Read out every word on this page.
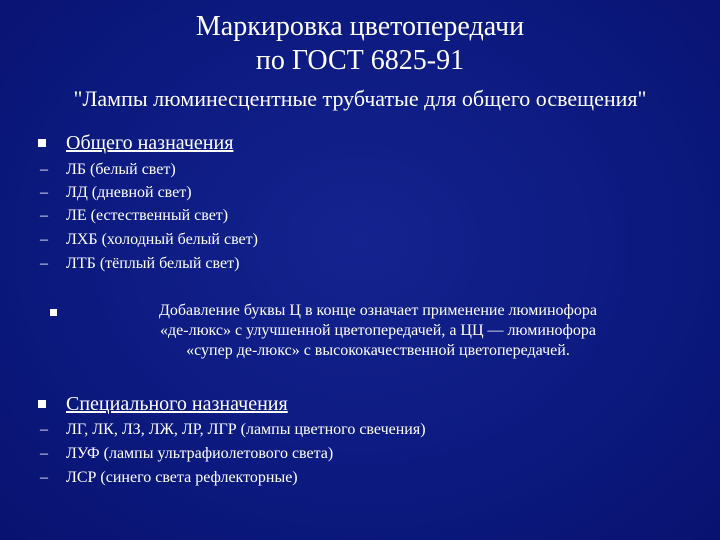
Маркировка цветопередачи
по ГОСТ 6825-91
"Лампы люминесцентные трубчатые для общего освещения"
Общего назначения
– ЛБ (белый свет)
– ЛД (дневной свет)
– ЛЕ (естественный свет)
– ЛХБ (холодный белый свет)
– ЛТБ (тёплый белый свет)
Добавление буквы Ц в конце означает применение люминофора
«де-люкс» с улучшенной цветопередачей, а ЦЦ — люминофора
«супер де-люкс» с высококачественной цветопередачей.
Специального назначения
– ЛГ, ЛК, ЛЗ, ЛЖ, ЛР, ЛГР (лампы цветного свечения)
– ЛУФ (лампы ультрафиолетового света)
– ЛСР (синего света рефлекторные)
